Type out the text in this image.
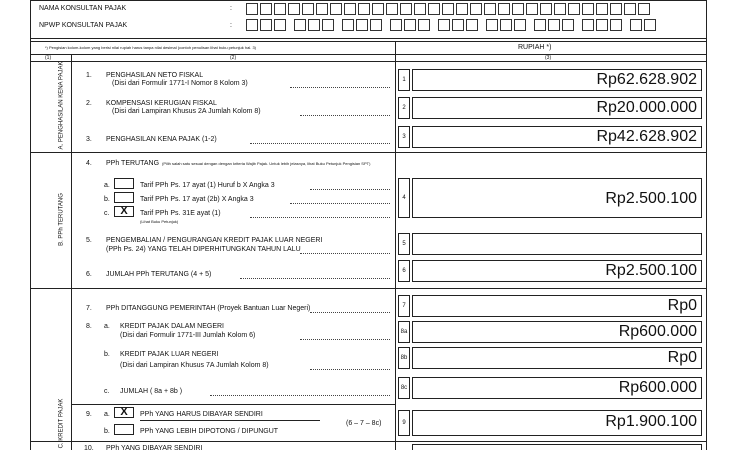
NAMA KONSULTAN PAJAK
NPWP KONSULTAN PAJAK
:
:
*) Pengisian kolom-kolom yang berisi nilai rupiah harus tanpa nilai desimal (contoh penulisan lihat buku petunjuk hal. 3)	RUPIAH *)
(1)	(2)	(3)
A. PENGHASILAN KENA PAJAK
B. PPh TERUTANG
C. KREDIT PAJAK
1. PENGHASILAN NETO FISKAL
(Disi dari Formulir 1771-I Nomor 8 Kolom 3)	1	Rp62.628.902
2. KOMPENSASI KERUGIAN FISKAL
(Disi dari Lampiran Khusus 2A Jumlah Kolom 8)	2	Rp20.000.000
3. PENGHASILAN KENA PAJAK (1-2)	3	Rp42.628.902
4. PPh TERUTANG (Pilih salah satu sesuai dengan dengan kriteria Wajib Pajak. Untuk lebih jelasnya, lihat Buku Petunjuk Pengisian SPT)
a.	Tarif PPh Ps. 17 ayat (1) Huruf b X Angka 3
b.	Tarif PPh Ps. 17 ayat (2b) X Angka 3
c. X	Tarif PPh Ps. 31E ayat (1)
(Lihat Buku Petunjuk)
4	Rp2.500.100
5. PENGEMBALIAN / PENGURANGAN KREDIT PAJAK LUAR NEGERI
(PPh Ps. 24) YANG TELAH DIPERHITUNGKAN TAHUN LALU
5
6. JUMLAH PPh TERUTANG (4 + 5)	6	Rp2.500.100
7. PPh DITANGGUNG PEMERINTAH (Proyek Bantuan Luar Negeri)	7	Rp0
8. a. KREDIT PAJAK DALAM NEGERI
(Disi dari Formulir 1771-III Jumlah Kolom 6)	8a	Rp600.000
b. KREDIT PAJAK LUAR NEGERI
(Disi dari Lampiran Khusus 7A Jumlah Kolom 8)
8b	Rp0
c. JUMLAH ( 8a + 8b )	8c	Rp600.000
9. a. X	PPh YANG HARUS DIBAYAR SENDIRI
b.	PPh YANG LEBIH DIPOTONG / DIPUNGUT
(6 – 7 – 8c)	9	Rp1.900.100
10. PPh YANG DIBAYAR SENDIRI
